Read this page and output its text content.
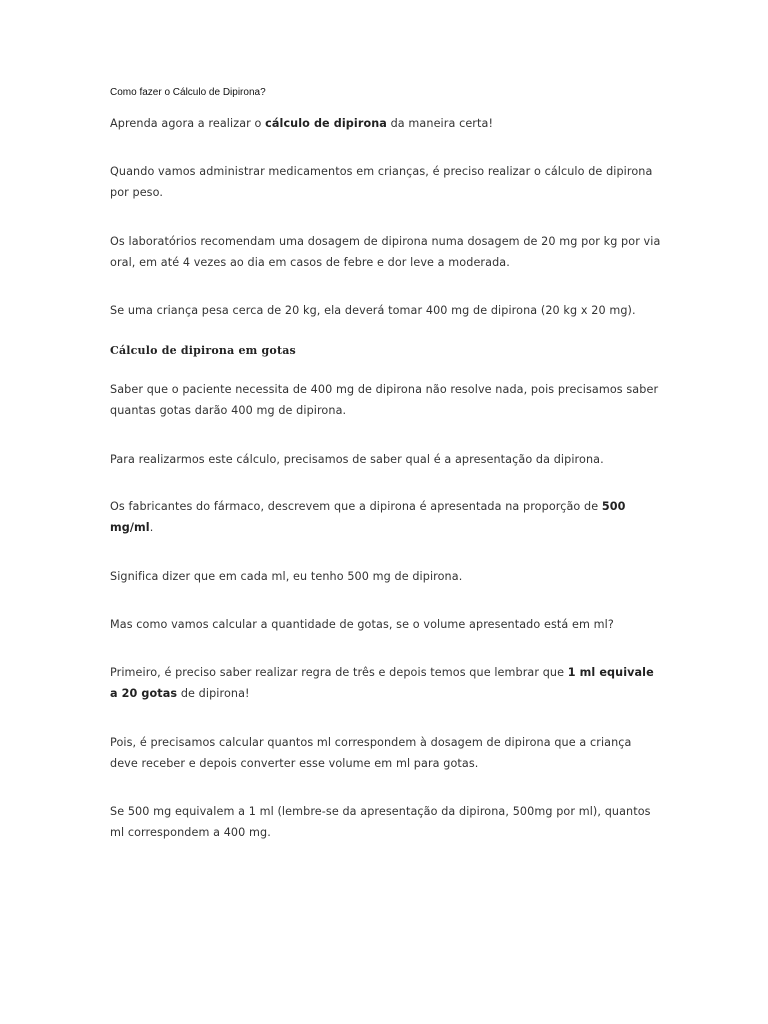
Como fazer o Cálculo de Dipirona?

Aprenda agora a realizar o cálculo de dipirona da maneira certa!

Quando vamos administrar medicamentos em crianças, é preciso realizar o cálculo de dipirona por peso.

Os laboratórios recomendam uma dosagem de dipirona numa dosagem de 20 mg por kg por via oral, em até 4 vezes ao dia em casos de febre e dor leve a moderada.

Se uma criança pesa cerca de 20 kg, ela deverá tomar 400 mg de dipirona (20 kg x 20 mg).

Cálculo de dipirona em gotas

Saber que o paciente necessita de 400 mg de dipirona não resolve nada, pois precisamos saber quantas gotas darão 400 mg de dipirona.

Para realizarmos este cálculo, precisamos de saber qual é a apresentação da dipirona.

Os fabricantes do fármaco, descrevem que a dipirona é apresentada na proporção de 500 mg/ml.

Significa dizer que em cada ml, eu tenho 500 mg de dipirona.

Mas como vamos calcular a quantidade de gotas, se o volume apresentado está em ml?

Primeiro, é preciso saber realizar regra de três e depois temos que lembrar que 1 ml equivale a 20 gotas de dipirona!

Pois, é precisamos calcular quantos ml correspondem à dosagem de dipirona que a criança deve receber e depois converter esse volume em ml para gotas.

Se 500 mg equivalem a 1 ml (lembre-se da apresentação da dipirona, 500mg por ml), quantos ml correspondem a 400 mg.
